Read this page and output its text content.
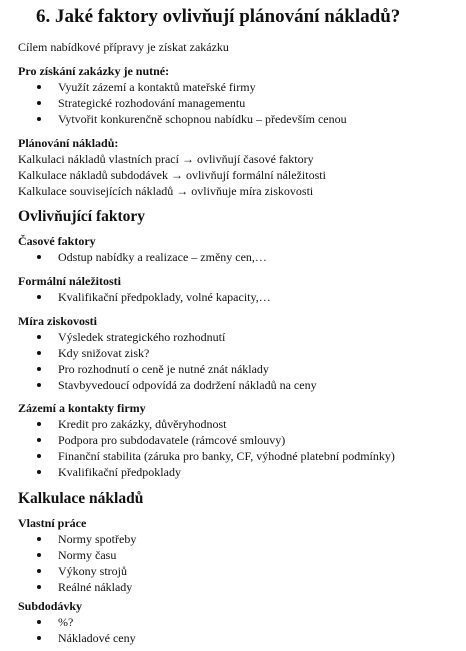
6. Jaké faktory ovlivňují plánování nákladů?
Cílem nabídkové přípravy je získat zakázku
Pro získání zakázky je nutné:
Využít zázemí a kontaktů mateřské firmy
Strategické rozhodování managementu
Vytvořit konkurenčně schopnou nabídku – především cenou
Plánování nákladů:
Kalkulaci nákladů vlastních prací → ovlivňují časové faktory
Kalkulace nákladů subdodávek → ovlivňují formální náležitosti
Kalkulace souvisejících nákladů → ovlivňuje míra ziskovosti
Ovlivňující faktory
Časové faktory
Odstup nabídky a realizace – změny cen,…
Formální náležitosti
Kvalifikační předpoklady, volné kapacity,…
Míra ziskovosti
Výsledek strategického rozhodnutí
Kdy snižovat zisk?
Pro rozhodnutí o ceně je nutné znát náklady
Stavbyvedoucí odpovídá za dodržení nákladů na ceny
Zázemí a kontakty firmy
Kredit pro zakázky, důvěryhodnost
Podpora pro subdodavatele (rámcové smlouvy)
Finanční stabilita (záruka pro banky, CF, výhodné platební podmínky)
Kvalifikační předpoklady
Kalkulace nákladů
Vlastní práce
Normy spotřeby
Normy času
Výkony strojů
Reálné náklady
Subdodávky
%?
Nákladové ceny
